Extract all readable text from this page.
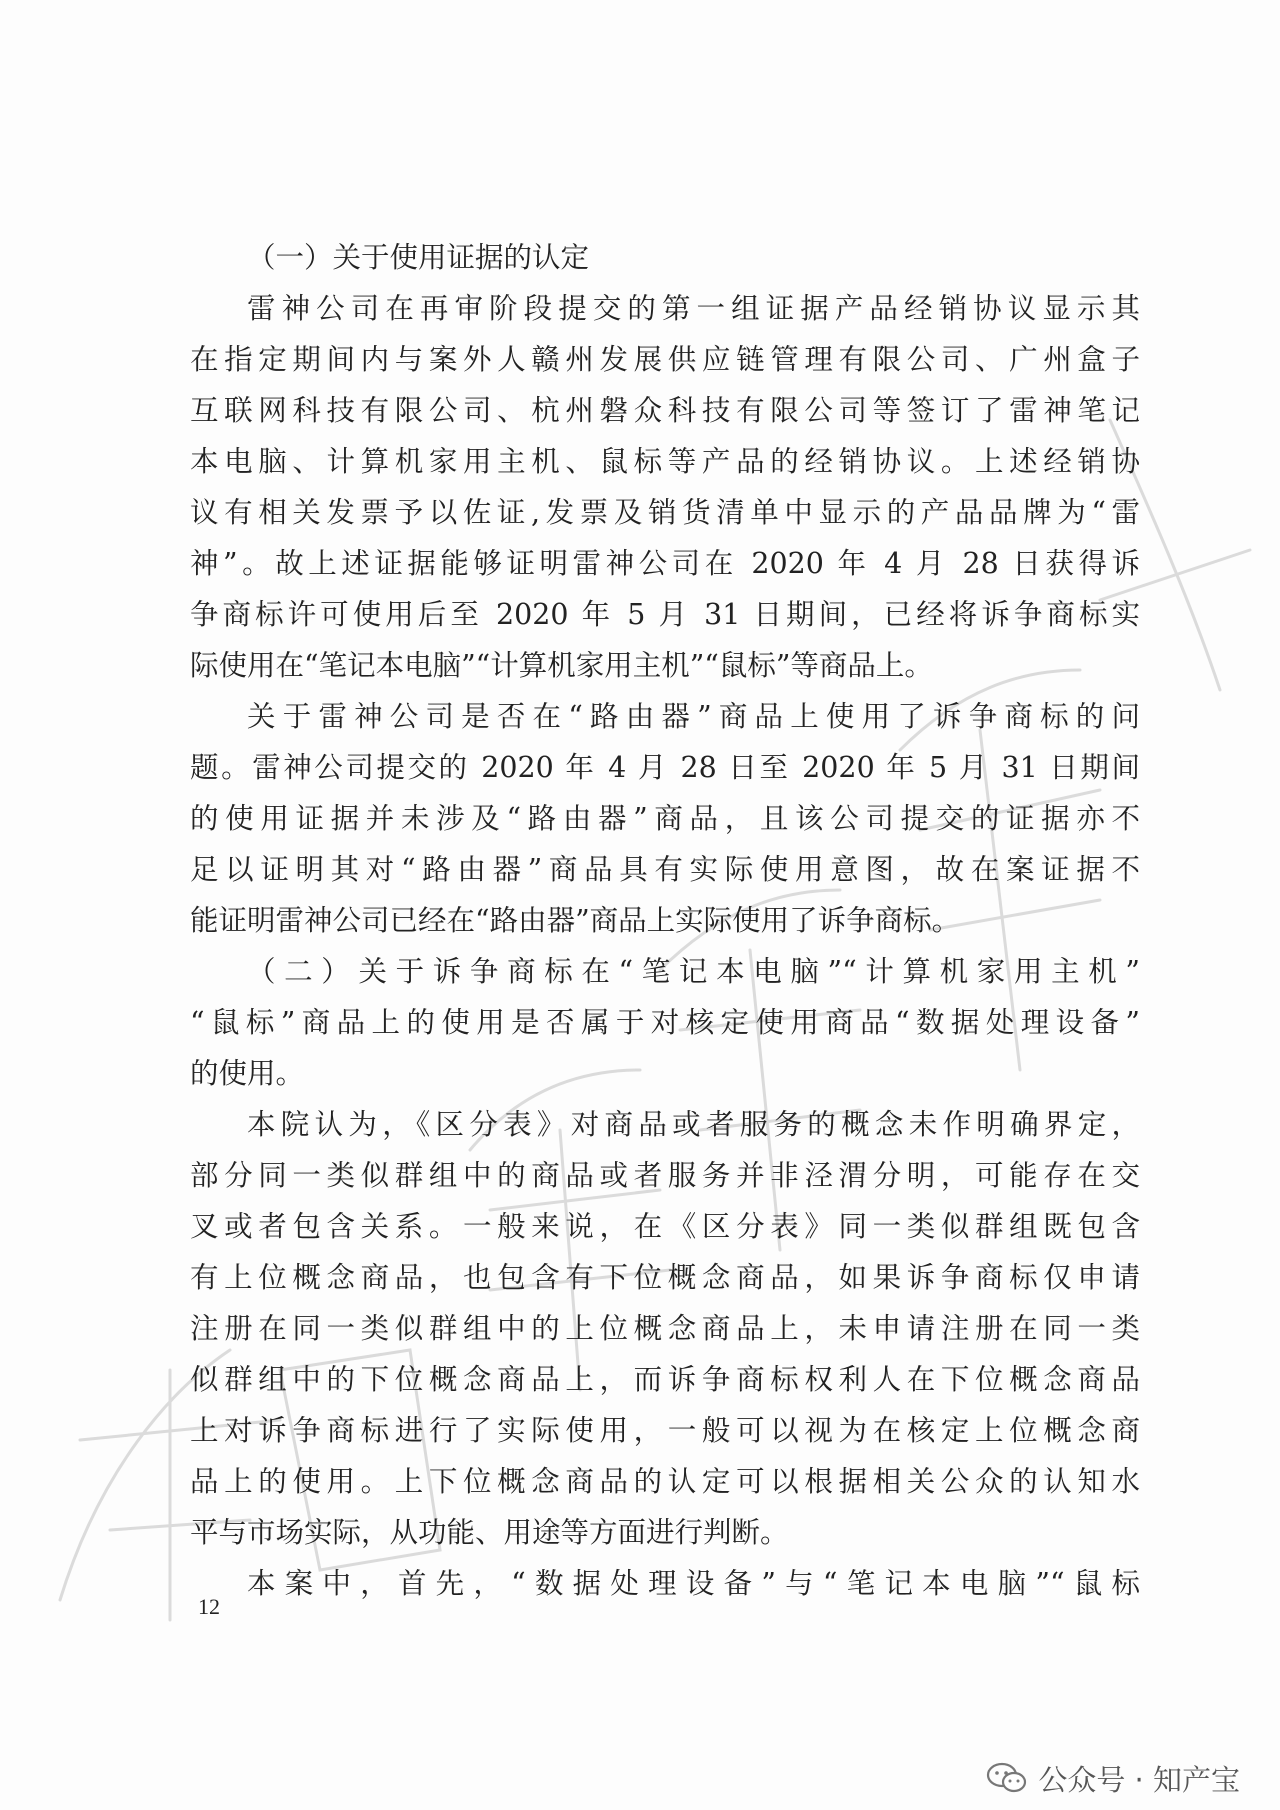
（一）关于使用证据的认定
雷神公司在再审阶段提交的第一组证据产品经销协议显示其
在指定期间内与案外人赣州发展供应链管理有限公司、广州盒子
互联网科技有限公司、杭州磐众科技有限公司等签订了雷神笔记
本电脑、计算机家用主机、鼠标等产品的经销协议。上述经销协
议有相关发票予以佐证,发票及销货清单中显示的产品品牌为“雷
神”。故上述证据能够证明雷神公司在 2020 年 4 月 28 日获得诉
争商标许可使用后至 2020 年 5 月 31 日期间，已经将诉争商标实
际使用在“笔记本电脑”“计算机家用主机”“鼠标”等商品上。
关于雷神公司是否在“路由器”商品上使用了诉争商标的问
题。雷神公司提交的 2020 年 4 月 28 日至 2020 年 5 月 31 日期间
的使用证据并未涉及“路由器”商品，且该公司提交的证据亦不
足以证明其对“路由器”商品具有实际使用意图，故在案证据不
能证明雷神公司已经在“路由器”商品上实际使用了诉争商标。
（二）关于诉争商标在“笔记本电脑”“计算机家用主机”
“鼠标”商品上的使用是否属于对核定使用商品“数据处理设备”
的使用。
本院认为，《区分表》对商品或者服务的概念未作明确界定，
部分同一类似群组中的商品或者服务并非泾渭分明，可能存在交
叉或者包含关系。一般来说，在《区分表》同一类似群组既包含
有上位概念商品，也包含有下位概念商品，如果诉争商标仅申请
注册在同一类似群组中的上位概念商品上，未申请注册在同一类
似群组中的下位概念商品上，而诉争商标权利人在下位概念商品
上对诉争商标进行了实际使用，一般可以视为在核定上位概念商
品上的使用。上下位概念商品的认定可以根据相关公众的认知水
平与市场实际，从功能、用途等方面进行判断。
本案中，首先，“数据处理设备”与“笔记本电脑”“鼠标
12
公众号 · 知产宝
